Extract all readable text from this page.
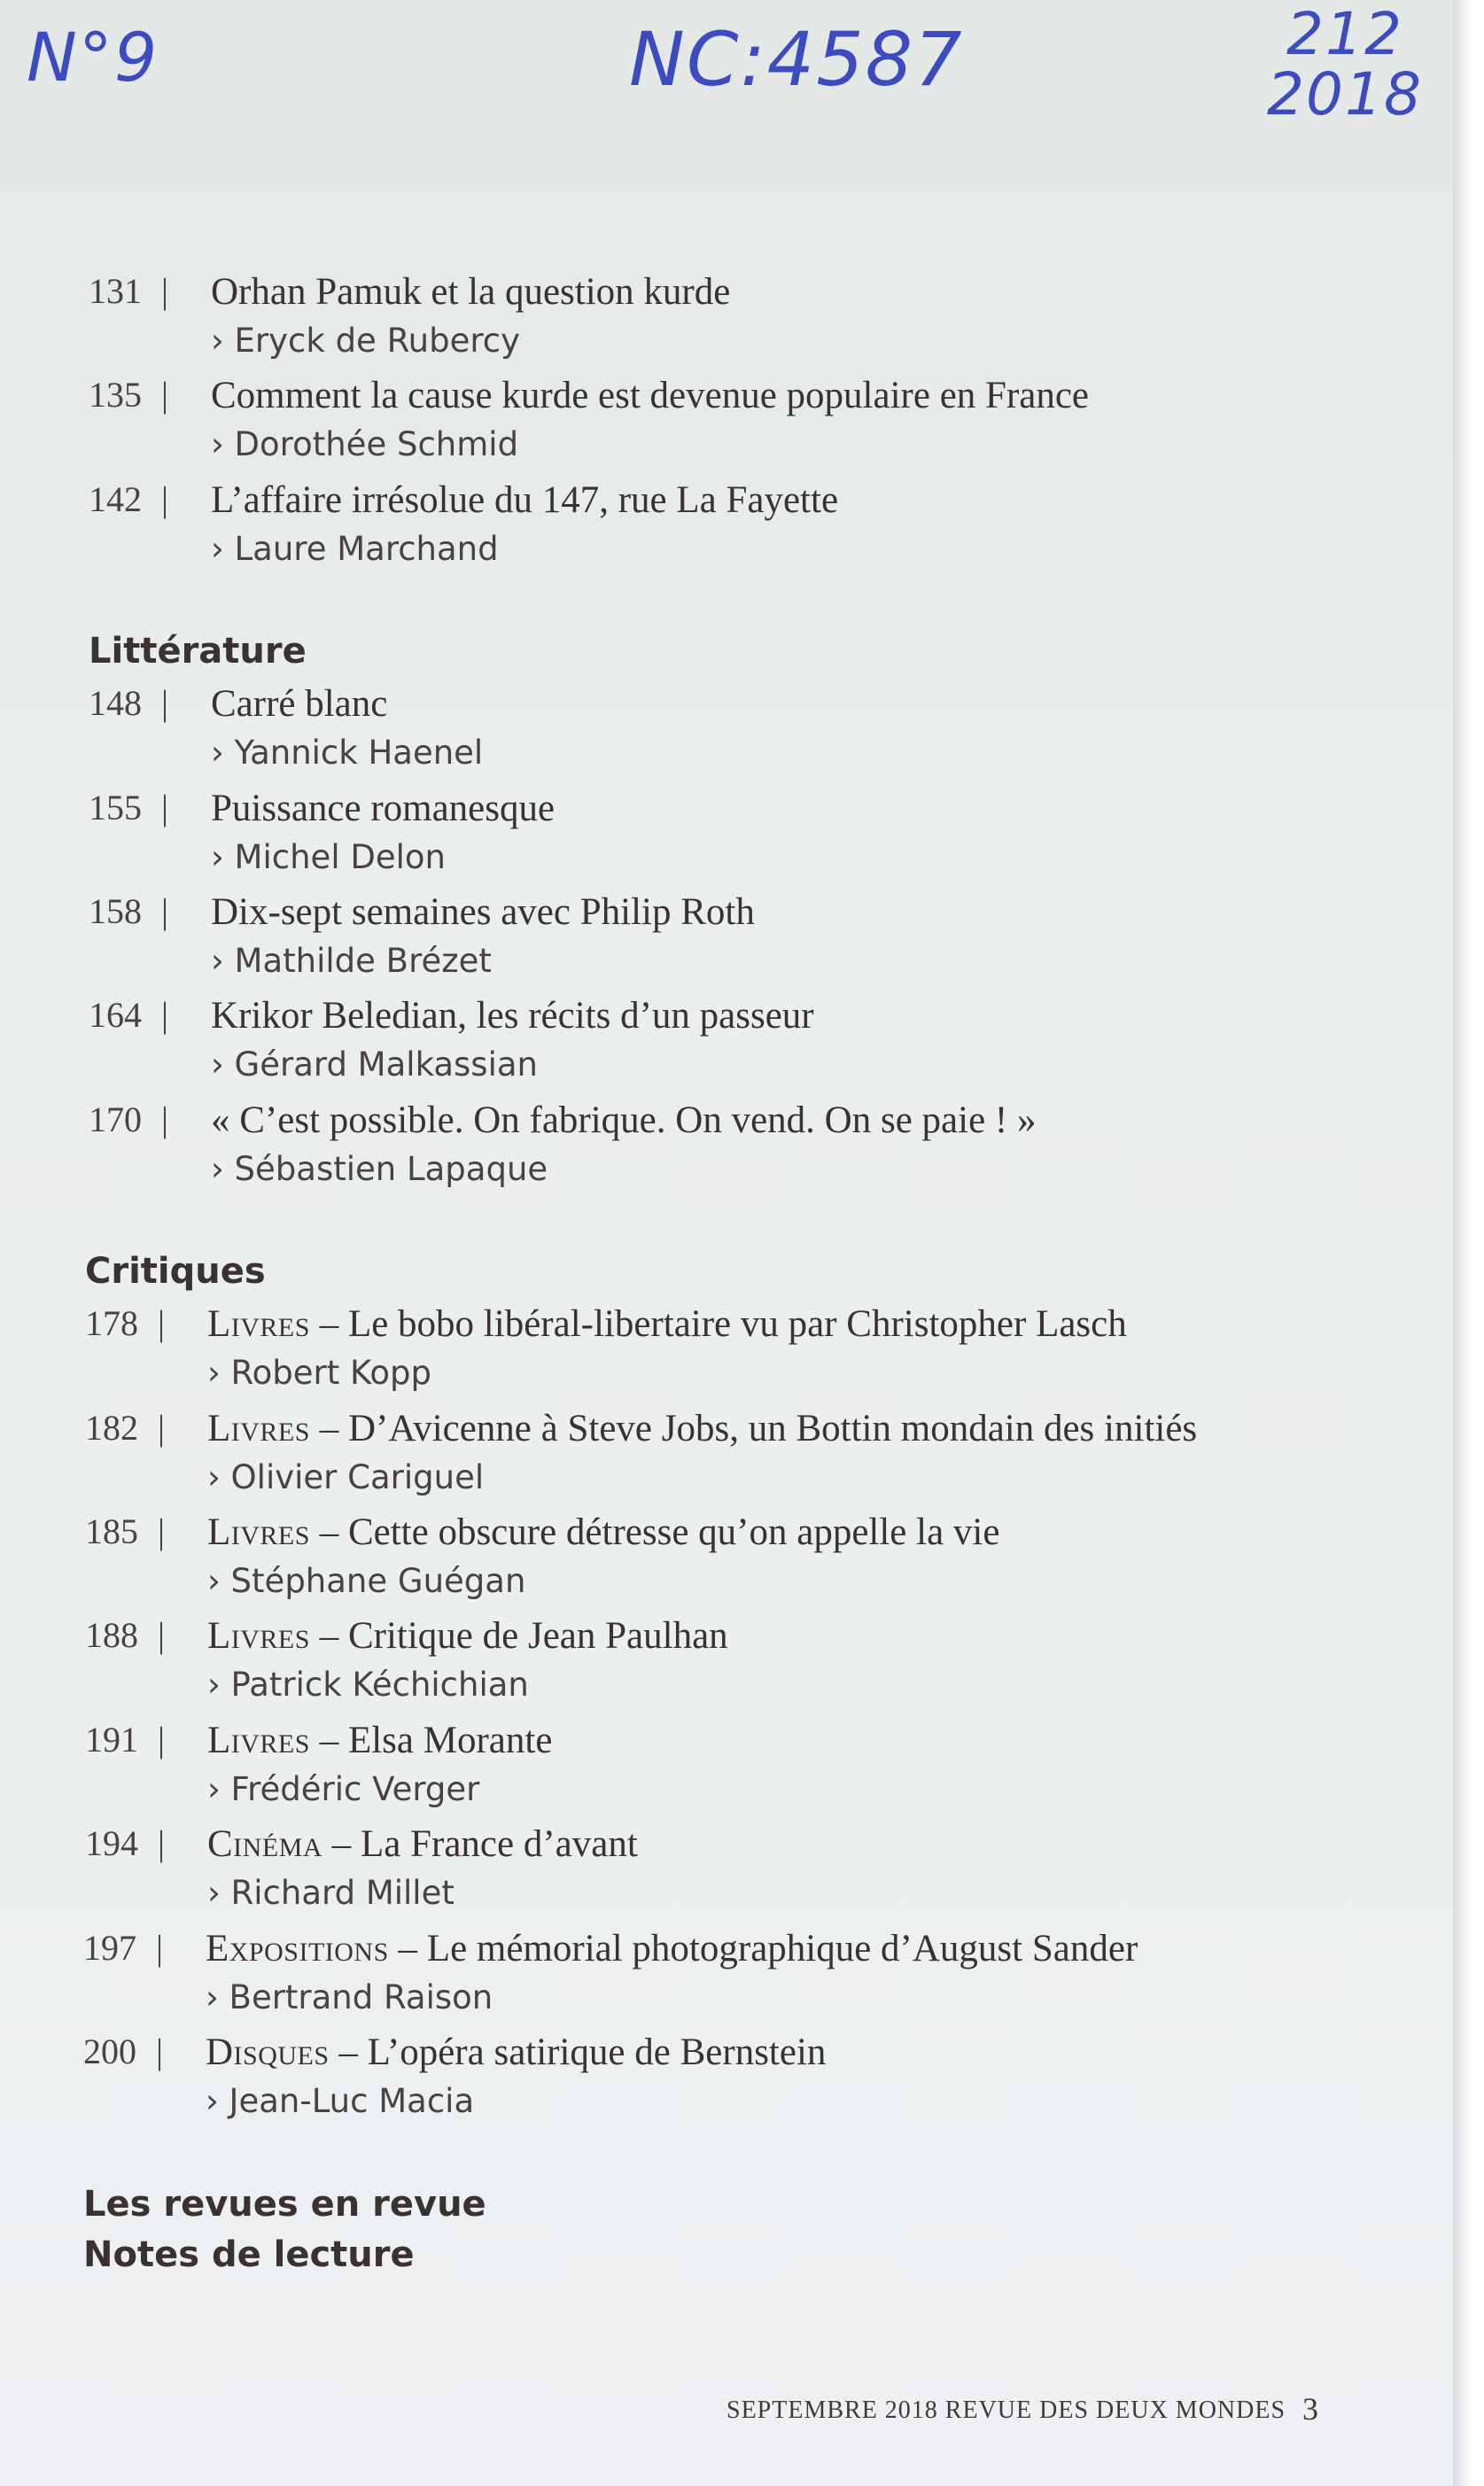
N°9	NC:4587	212
2018
131 | Orhan Pamuk et la question kurde
› Eryck de Rubercy
135 | Comment la cause kurde est devenue populaire en France
› Dorothée Schmid
142 | L’affaire irrésolue du 147, rue La Fayette
› Laure Marchand
Littérature
148 | Carré blanc
› Yannick Haenel
155 | Puissance romanesque
› Michel Delon
158 | Dix-sept semaines avec Philip Roth
› Mathilde Brézet
164 | Krikor Beledian, les récits d’un passeur
› Gérard Malkassian
170 | « C’est possible. On fabrique. On vend. On se paie ! »
› Sébastien Lapaque
Critiques
178 | Livres – Le bobo libéral-libertaire vu par Christopher Lasch
› Robert Kopp
182 | Livres – D’Avicenne à Steve Jobs, un Bottin mondain des initiés
› Olivier Cariguel
185 | Livres – Cette obscure détresse qu’on appelle la vie
› Stéphane Guégan
188 | Livres – Critique de Jean Paulhan
› Patrick Kéchichian
191 | Livres – Elsa Morante
› Frédéric Verger
194 | Cinéma – La France d’avant
› Richard Millet
197 | Expositions – Le mémorial photographique d’August Sander
› Bertrand Raison
200 | Disques – L’opéra satirique de Bernstein
› Jean-Luc Macia
Les revues en revue
Notes de lecture
SEPTEMBRE 2018 REVUE DES DEUX MONDES 3
